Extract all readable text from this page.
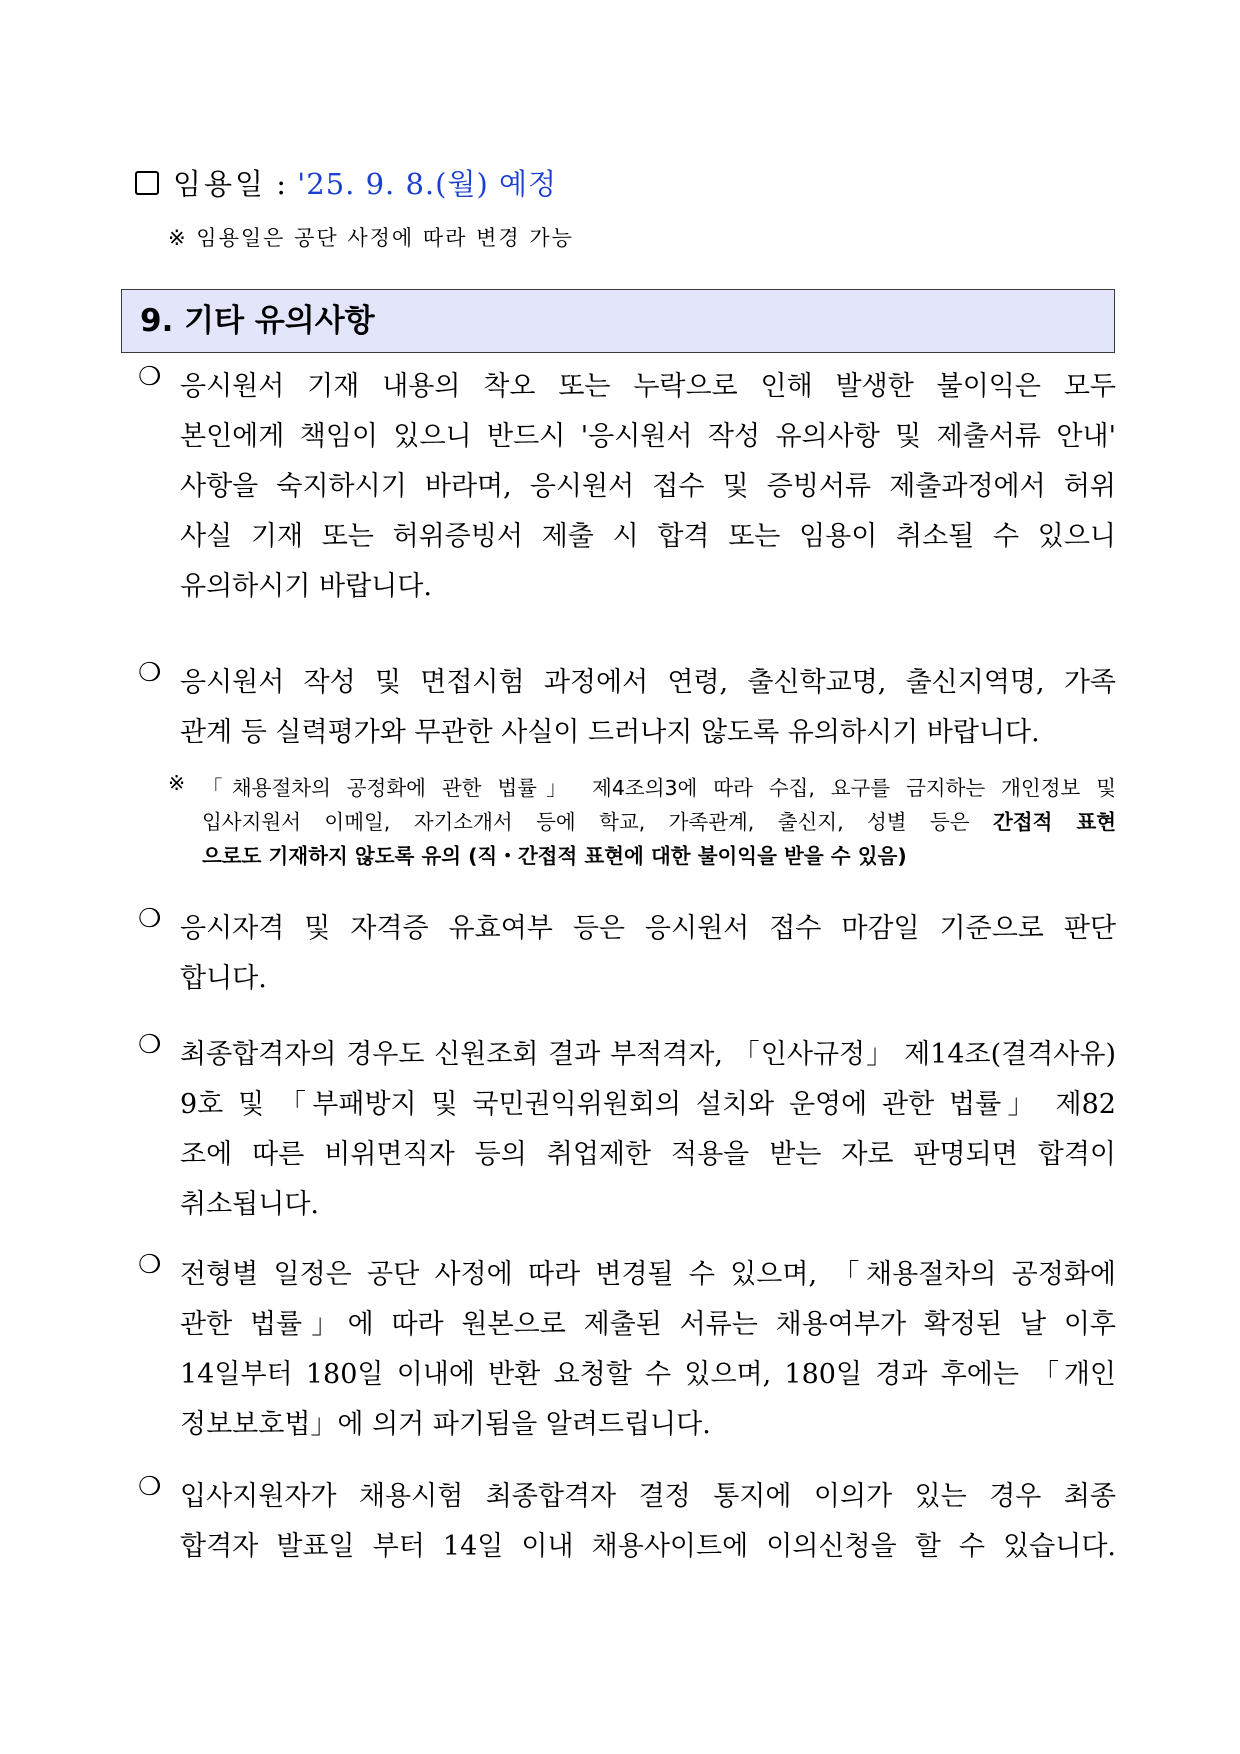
임용일 : '25. 9. 8.(월) 예정
※ 임용일은 공단 사정에 따라 변경 가능
9. 기타 유의사항
❍ 응시원서 기재 내용의 착오 또는 누락으로 인해 발생한 불이익은 모두
본인에게 책임이 있으니 반드시 '응시원서 작성 유의사항 및 제출서류 안내'
사항을 숙지하시기 바라며, 응시원서 접수 및 증빙서류 제출과정에서 허위
사실 기재 또는 허위증빙서 제출 시 합격 또는 임용이 취소될 수 있으니
유의하시기 바랍니다.
❍ 응시원서 작성 및 면접시험 과정에서 연령, 출신학교명, 출신지역명, 가족
관계 등 실력평가와 무관한 사실이 드러나지 않도록 유의하시기 바랍니다.
※ 「채용절차의 공정화에 관한 법률」 제4조의3에 따라 수집, 요구를 금지하는 개인정보 및
입사지원서 이메일, 자기소개서 등에 학교, 가족관계, 출신지, 성별 등은 간접적 표현
으로도 기재하지 않도록 유의 (직・간접적 표현에 대한 불이익을 받을 수 있음)
❍ 응시자격 및 자격증 유효여부 등은 응시원서 접수 마감일 기준으로 판단
합니다.
❍ 최종합격자의 경우도 신원조회 결과 부적격자, 「인사규정」 제14조(결격사유)
9호 및 「부패방지 및 국민권익위원회의 설치와 운영에 관한 법률」 제82
조에 따른 비위면직자 등의 취업제한 적용을 받는 자로 판명되면 합격이
취소됩니다.
❍ 전형별 일정은 공단 사정에 따라 변경될 수 있으며, 「채용절차의 공정화에
관한 법률」에 따라 원본으로 제출된 서류는 채용여부가 확정된 날 이후
14일부터 180일 이내에 반환 요청할 수 있으며, 180일 경과 후에는 「개인
정보보호법」에 의거 파기됨을 알려드립니다.
❍ 입사지원자가 채용시험 최종합격자 결정 통지에 이의가 있는 경우 최종
합격자 발표일 부터 14일 이내 채용사이트에 이의신청을 할 수 있습니다.
